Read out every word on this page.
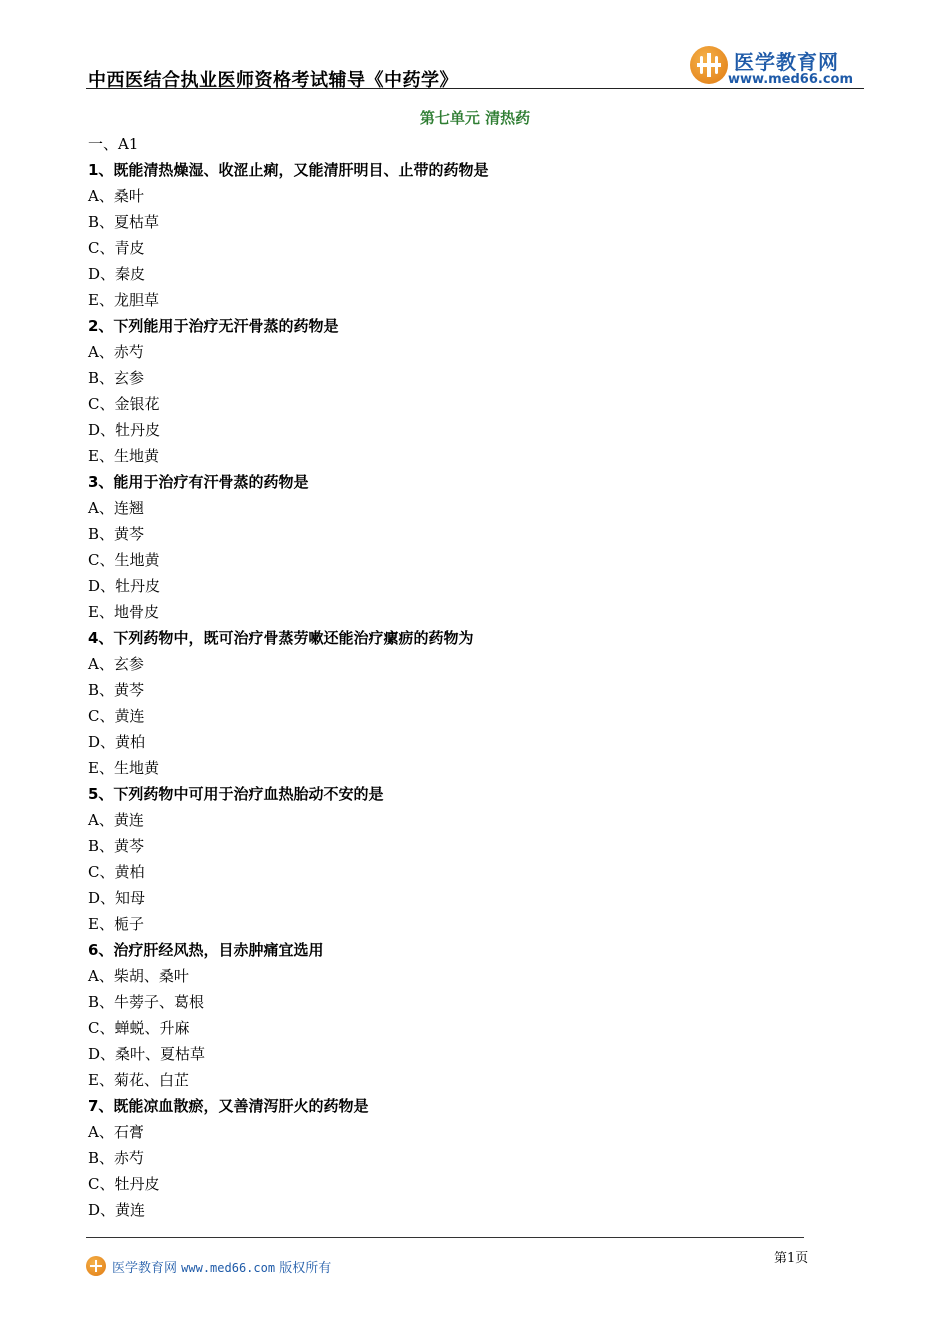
中西医结合执业医师资格考试辅导《中药学》
医学教育网
www.med66.com
第七单元 清热药
一、A1
1、既能清热燥湿、收涩止痢，又能清肝明目、止带的药物是
A、桑叶
B、夏枯草
C、青皮
D、秦皮
E、龙胆草
2、下列能用于治疗无汗骨蒸的药物是
A、赤芍
B、玄参
C、金银花
D、牡丹皮
E、生地黄
3、能用于治疗有汗骨蒸的药物是
A、连翘
B、黄芩
C、生地黄
D、牡丹皮
E、地骨皮
4、下列药物中，既可治疗骨蒸劳嗽还能治疗瘰疬的药物为
A、玄参
B、黄芩
C、黄连
D、黄柏
E、生地黄
5、下列药物中可用于治疗血热胎动不安的是
A、黄连
B、黄芩
C、黄柏
D、知母
E、栀子
6、治疗肝经风热，目赤肿痛宜选用
A、柴胡、桑叶
B、牛蒡子、葛根
C、蝉蜕、升麻
D、桑叶、夏枯草
E、菊花、白芷
7、既能凉血散瘀，又善清泻肝火的药物是
A、石膏
B、赤芍
C、牡丹皮
D、黄连
第1页
医学教育网 www.med66.com 版权所有
